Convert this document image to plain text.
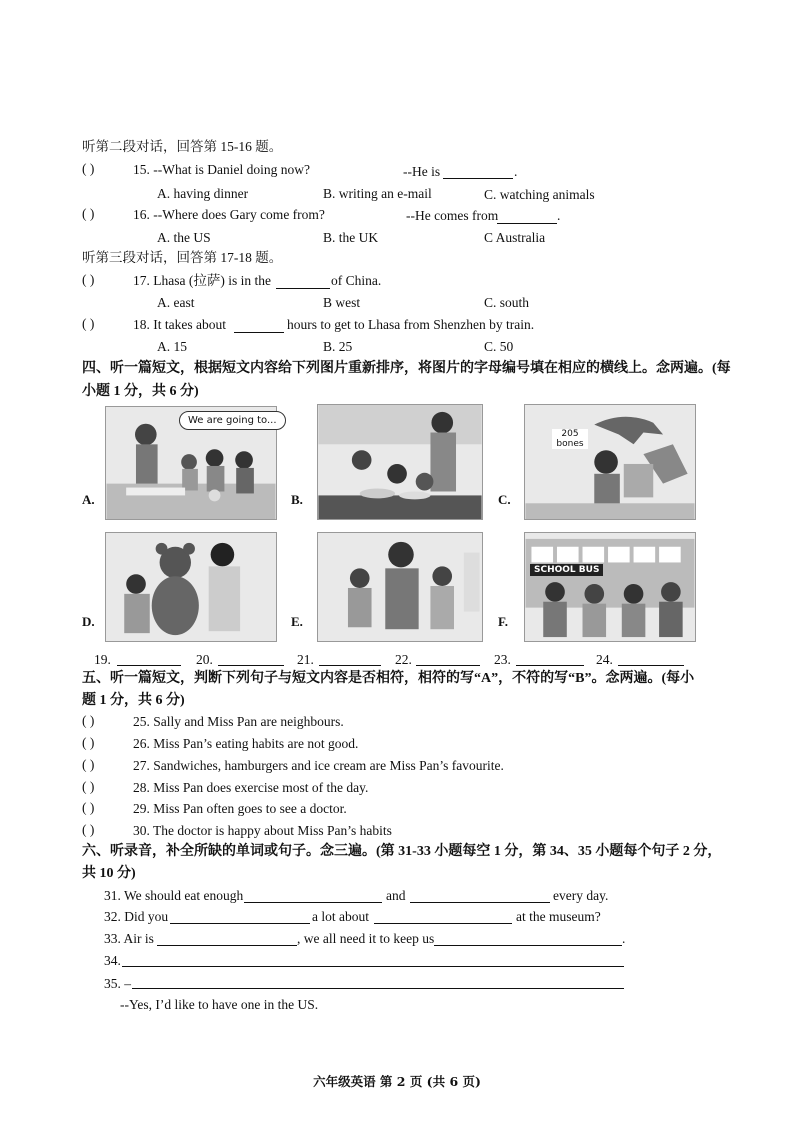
听第二段对话，回答第 15-16 题。
( )	15. --What is Daniel doing now?	--He is	.
A. having dinner	B. writing an e-mail	C. watching animals
( )	16. --Where does Gary come from?	--He comes from	.
A. the US	B. the UK	C Australia
听第三段对话，回答第 17-18 题。
( )	17. Lhasa (拉萨) is in the	of China.
A. east	B west	C. south
( )	18. It takes about	hours to get to Lhasa from Shenzhen by train.
A. 15	B. 25	C. 50
四、听一篇短文，根据短文内容给下列图片重新排序，将图片的字母编号填在相应的横线上。念两遍。(每
小题 1 分，共 6 分)
A.
We are going to...
B.	C.
205 bones
D.	E.	F.
SCHOOL BUS
19.	20.	21.	22.	23.	24.
五、听一篇短文，判断下列句子与短文内容是否相符，相符的写“A”，不符的写“B”。念两遍。(每小
题 1 分，共 6 分)
( )	25. Sally and Miss Pan are neighbours.
( )	26. Miss Pan’s eating habits are not good.
( )	27. Sandwiches, hamburgers and ice cream are Miss Pan’s favourite.
( )	28. Miss Pan does exercise most of the day.
( )	29. Miss Pan often goes to see a doctor.
( )	30. The doctor is happy about Miss Pan’s habits
六、听录音，补全所缺的单词或句子。念三遍。(第 31-33 小题每空 1 分，第 34、35 小题每个句子 2 分，
共 10 分)
31. We should eat enough	and	every day.
32. Did you	a lot about	at the museum?
33. Air is	, we all need it to keep us	.
34.
35. –
--Yes, I’d like to have one in the US.
六年级英语 第 2 页 (共 6 页)
